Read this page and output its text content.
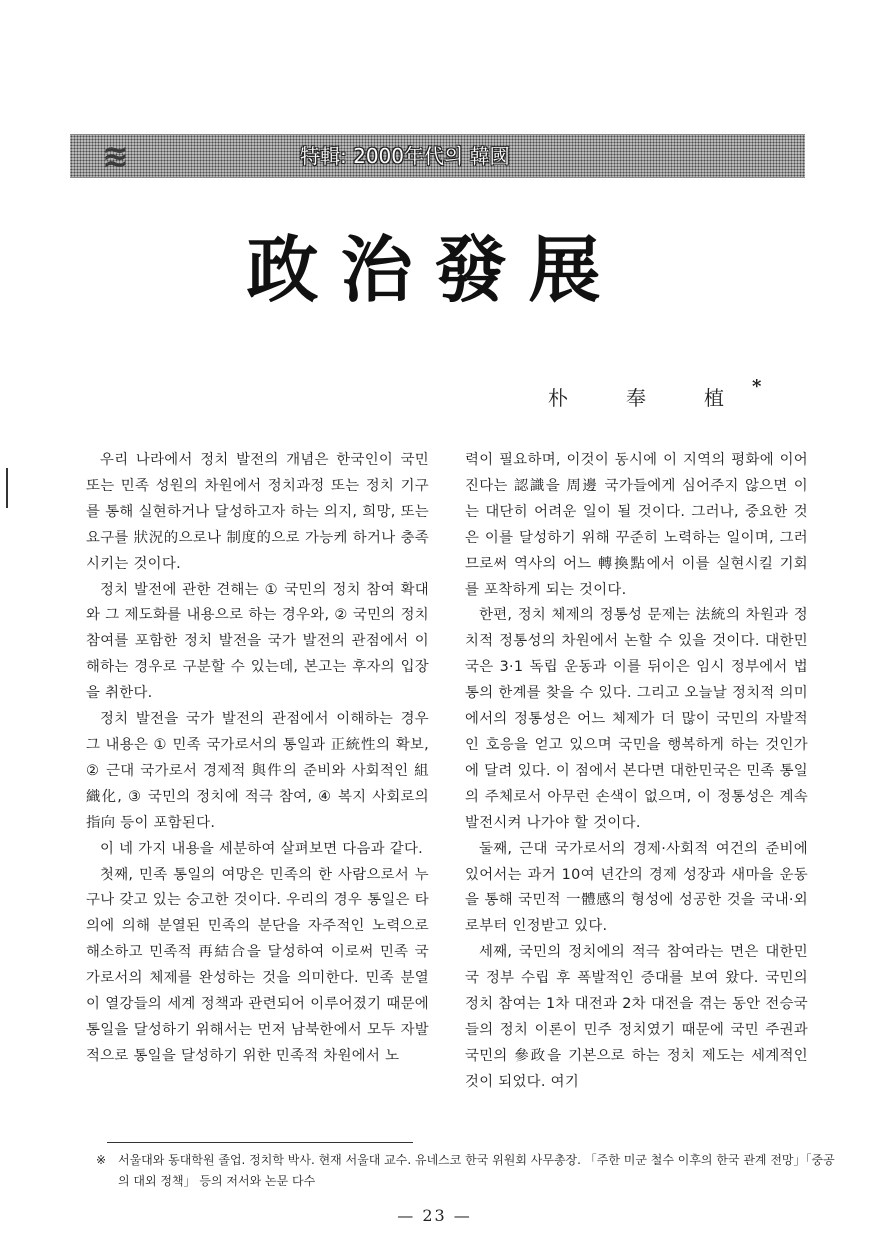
≋	特輯: 2000年代의 韓國
政治發展
朴	奉	植 *

우리 나라에서 정치 발전의 개념은 한국인이 국민 또는 민족 성원의 차원에서 정치과정 또는 정치 기구를 통해 실현하거나 달성하고자 하는 의지, 희망, 또는 요구를 狀況的으로나 制度的으로 가능케 하거나 충족시키는 것이다.

정치 발전에 관한 견해는 ① 국민의 정치 참여 확대와 그 제도화를 내용으로 하는 경우와, ② 국민의 정치 참여를 포함한 정치 발전을 국가 발전의 관점에서 이해하는 경우로 구분할 수 있는데, 본고는 후자의 입장을 취한다.

정치 발전을 국가 발전의 관점에서 이해하는 경우 그 내용은 ① 민족 국가로서의 통일과 正統性의 확보, ② 근대 국가로서 경제적 與件의 준비와 사회적인 組織化, ③ 국민의 정치에 적극 참여, ④ 복지 사회로의 指向 등이 포함된다.

이 네 가지 내용을 세분하여 살펴보면 다음과 같다.

첫째, 민족 통일의 여망은 민족의 한 사람으로서 누구나 갖고 있는 숭고한 것이다. 우리의 경우 통일은 타의에 의해 분열된 민족의 분단을 자주적인 노력으로 해소하고 민족적 再結合을 달성하여 이로써 민족 국가로서의 체제를 완성하는 것을 의미한다. 민족 분열이 열강들의 세계 정책과 관련되어 이루어졌기 때문에 통일을 달성하기 위해서는 먼저 남북한에서 모두 자발적으로 통일을 달성하기 위한 민족적 차원에서 노

력이 필요하며, 이것이 동시에 이 지역의 평화에 이어진다는 認識을 周邊 국가들에게 심어주지 않으면 이는 대단히 어려운 일이 될 것이다. 그러나, 중요한 것은 이를 달성하기 위해 꾸준히 노력하는 일이며, 그러므로써 역사의 어느 轉換點에서 이를 실현시킬 기회를 포착하게 되는 것이다.

한편, 정치 체제의 정통성 문제는 法統의 차원과 정치적 정통성의 차원에서 논할 수 있을 것이다. 대한민국은 3·1 독립 운동과 이를 뒤이은 임시 정부에서 법통의 한계를 찾을 수 있다. 그리고 오늘날 정치적 의미에서의 정통성은 어느 체제가 더 많이 국민의 자발적인 호응을 얻고 있으며 국민을 행복하게 하는 것인가에 달려 있다. 이 점에서 본다면 대한민국은 민족 통일의 주체로서 아무런 손색이 없으며, 이 정통성은 계속 발전시켜 나가야 할 것이다.

둘째, 근대 국가로서의 경제·사회적 여건의 준비에 있어서는 과거 10여 년간의 경제 성장과 새마을 운동을 통해 국민적 一體感의 형성에 성공한 것을 국내·외로부터 인정받고 있다.

세째, 국민의 정치에의 적극 참여라는 면은 대한민국 정부 수립 후 폭발적인 증대를 보여 왔다. 국민의 정치 참여는 1차 대전과 2차 대전을 겪는 동안 전승국들의 정치 이론이 민주 정치였기 때문에 국민 주권과 국민의 參政을 기본으로 하는 정치 제도는 세계적인 것이 되었다. 여기

※ 서울대와 동대학원 졸업. 정치학 박사. 현재 서울대 교수. 유네스코 한국 위원회 사무총장. 「주한 미군 철수 이후의 한국 관계 전망」「중공의 대외 정책」 등의 저서와 논문 다수
— 23 —
